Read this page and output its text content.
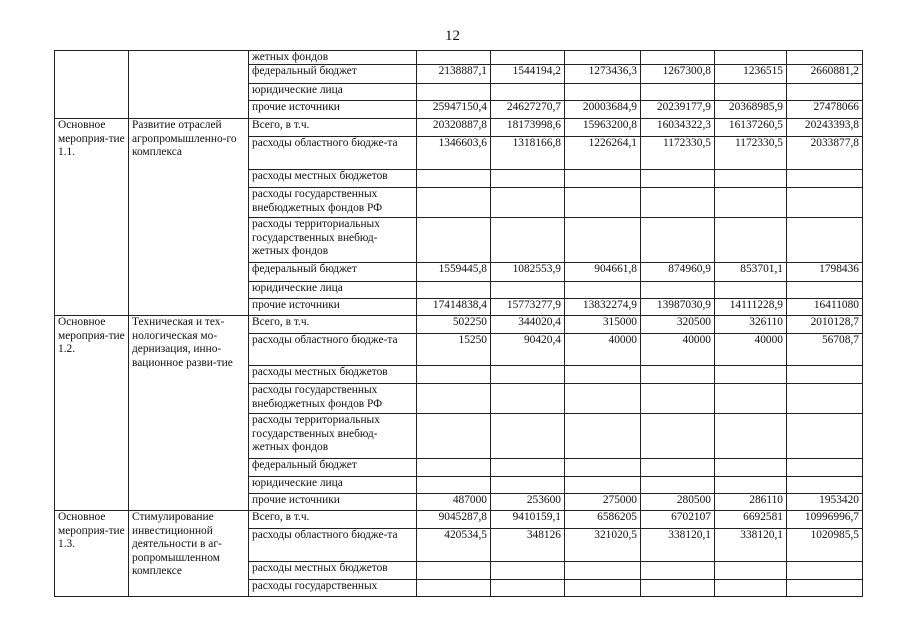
12
		жетных фондов						
		федеральный бюджет	2138887,1	1544194,2	1273436,3	1267300,8	1236515	2660881,2
		юридические лица						
		прочие источники	25947150,4	24627270,7	20003684,9	20239177,9	20368985,9	27478066
Основное мероприя-тие 1.1.	Развитие отраслей агропромышленно-го комплекса	Всего, в т.ч.	20320887,8	18173998,6	15963200,8	16034322,3	16137260,5	20243393,8
		расходы областного бюдже-та	1346603,6	1318166,8	1226264,1	1172330,5	1172330,5	2033877,8
		расходы местных бюджетов						
		расходы государственных внебюджетных фондов РФ						
		расходы территориальных государственных внебюд-жетных фондов						
		федеральный бюджет	1559445,8	1082553,9	904661,8	874960,9	853701,1	1798436
		юридические лица						
		прочие источники	17414838,4	15773277,9	13832274,9	13987030,9	14111228,9	16411080
Основное мероприя-тие 1.2.	Техническая и тех-нологическая мо-дернизация, инно-вационное разви-тие	Всего, в т.ч.	502250	344020,4	315000	320500	326110	2010128,7
		расходы областного бюдже-та	15250	90420,4	40000	40000	40000	56708,7
		расходы местных бюджетов						
		расходы государственных внебюджетных фондов РФ						
		расходы территориальных государственных внебюд-жетных фондов						
		федеральный бюджет						
		юридические лица						
		прочие источники	487000	253600	275000	280500	286110	1953420
Основное мероприя-тие 1.3.	Стимулирование инвестиционной деятельности в аг-ропромышленном комплексе	Всего, в т.ч.	9045287,8	9410159,1	6586205	6702107	6692581	10996996,7
		расходы областного бюдже-та	420534,5	348126	321020,5	338120,1	338120,1	1020985,5
		расходы местных бюджетов						
		расходы государственных						
